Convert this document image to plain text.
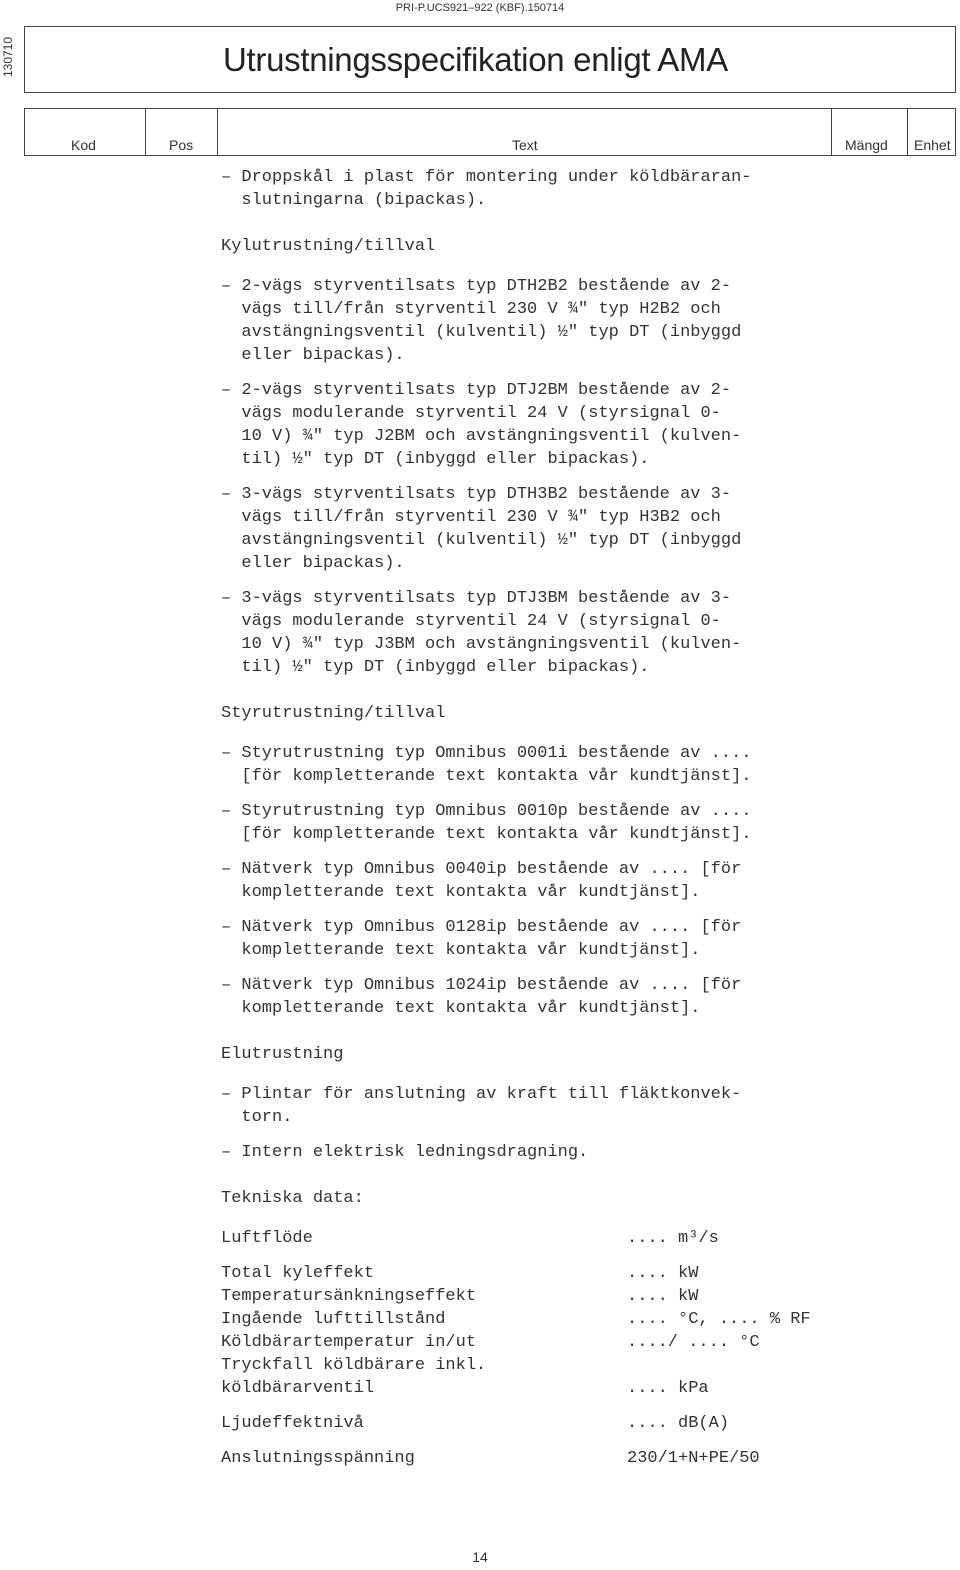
PRI-P.UCS921–922 (KBF).150714
130710	Utrustningsspecifikation enligt AMA
Kod	Pos	Text	Mängd Enhet
– Droppskål i plast för montering under köldbäraran-
slutningarna (bipackas).
Kylutrustning/tillval
– 2-vägs styrventilsats typ DTH2B2 bestående av 2-
vägs till/från styrventil 230 V ¾" typ H2B2 och
avstängningsventil (kulventil) ½" typ DT (inbyggd
eller bipackas).
– 2-vägs styrventilsats typ DTJ2BM bestående av 2-
vägs modulerande styrventil 24 V (styrsignal 0-
10 V) ¾" typ J2BM och avstängningsventil (kulven-
til) ½" typ DT (inbyggd eller bipackas).
– 3-vägs styrventilsats typ DTH3B2 bestående av 3-
vägs till/från styrventil 230 V ¾" typ H3B2 och
avstängningsventil (kulventil) ½" typ DT (inbyggd
eller bipackas).
– 3-vägs styrventilsats typ DTJ3BM bestående av 3-
vägs modulerande styrventil 24 V (styrsignal 0-
10 V) ¾" typ J3BM och avstängningsventil (kulven-
til) ½" typ DT (inbyggd eller bipackas).
Styrutrustning/tillval
– Styrutrustning typ Omnibus 0001i bestående av ....
[för kompletterande text kontakta vår kundtjänst].
– Styrutrustning typ Omnibus 0010p bestående av ....
[för kompletterande text kontakta vår kundtjänst].
– Nätverk typ Omnibus 0040ip bestående av .... [för
kompletterande text kontakta vår kundtjänst].
– Nätverk typ Omnibus 0128ip bestående av .... [för
kompletterande text kontakta vår kundtjänst].
– Nätverk typ Omnibus 1024ip bestående av .... [för
kompletterande text kontakta vår kundtjänst].
Elutrustning
– Plintar för anslutning av kraft till fläktkonvek-
torn.
– Intern elektrisk ledningsdragning.
Tekniska data:
Luftflöde	.... m³/s
Total kyleffekt	.... kW
Temperatursänkningseffekt	.... kW
Ingående lufttillstånd	.... °C, .... % RF
Köldbärartemperatur in/ut	..../ .... °C
Tryckfall köldbärare inkl.
köldbärarventil	.... kPa
Ljudeffektnivå	.... dB(A)
Anslutningsspänning	230/1+N+PE/50
14
